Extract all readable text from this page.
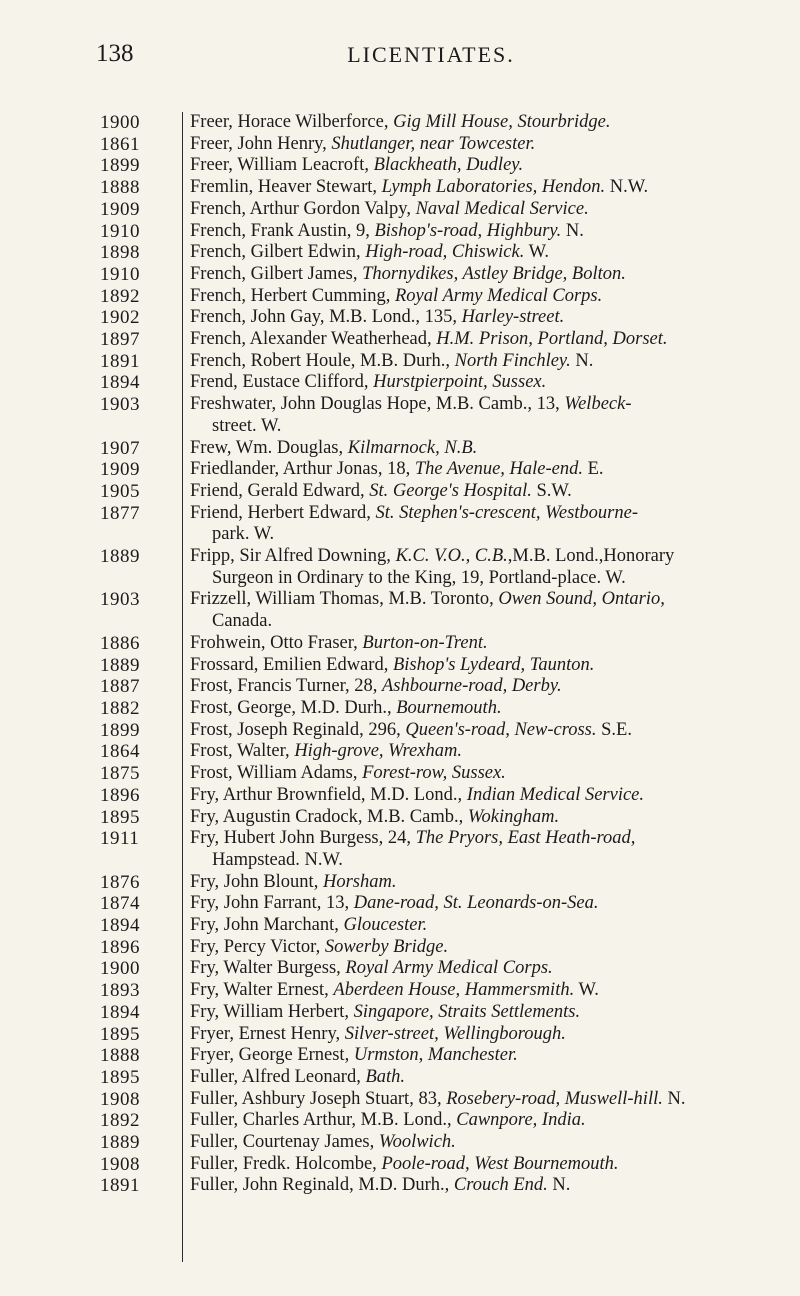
138	LICENTIATES.
1900	Freer, Horace Wilberforce, Gig Mill House, Stourbridge.
1861	Freer, John Henry, Shutlanger, near Towcester.
1899	Freer, William Leacroft, Blackheath, Dudley.
1888	Fremlin, Heaver Stewart, Lymph Laboratories, Hendon. N.W.
1909	French, Arthur Gordon Valpy, Naval Medical Service.
1910	French, Frank Austin, 9, Bishop's-road, Highbury. N.
1898	French, Gilbert Edwin, High-road, Chiswick. W.
1910	French, Gilbert James, Thornydikes, Astley Bridge, Bolton.
1892	French, Herbert Cumming, Royal Army Medical Corps.
1902	French, John Gay, M.B. Lond., 135, Harley-street.
1897	French, Alexander Weatherhead, H.M. Prison, Portland, Dorset.
1891	French, Robert Houle, M.B. Durh., North Finchley. N.
1894	Frend, Eustace Clifford, Hurstpierpoint, Sussex.
1903	Freshwater, John Douglas Hope, M.B. Camb., 13, Welbeck-
street. W.
1907	Frew, Wm. Douglas, Kilmarnock, N.B.
1909	Friedlander, Arthur Jonas, 18, The Avenue, Hale-end. E.
1905	Friend, Gerald Edward, St. George's Hospital. S.W.
1877	Friend, Herbert Edward, St. Stephen's-crescent, Westbourne-
park. W.
1889	Fripp, Sir Alfred Downing, K.C. V.O., C.B.,M.B. Lond.,Honorary
Surgeon in Ordinary to the King, 19, Portland-place. W.
1903	Frizzell, William Thomas, M.B. Toronto, Owen Sound, Ontario,
Canada.
1886	Frohwein, Otto Fraser, Burton-on-Trent.
1889	Frossard, Emilien Edward, Bishop's Lydeard, Taunton.
1887	Frost, Francis Turner, 28, Ashbourne-road, Derby.
1882	Frost, George, M.D. Durh., Bournemouth.
1899	Frost, Joseph Reginald, 296, Queen's-road, New-cross. S.E.
1864	Frost, Walter, High-grove, Wrexham.
1875	Frost, William Adams, Forest-row, Sussex.
1896	Fry, Arthur Brownfield, M.D. Lond., Indian Medical Service.
1895	Fry, Augustin Cradock, M.B. Camb., Wokingham.
1911	Fry, Hubert John Burgess, 24, The Pryors, East Heath-road,
Hampstead. N.W.
1876	Fry, John Blount, Horsham.
1874	Fry, John Farrant, 13, Dane-road, St. Leonards-on-Sea.
1894	Fry, John Marchant, Gloucester.
1896	Fry, Percy Victor, Sowerby Bridge.
1900	Fry, Walter Burgess, Royal Army Medical Corps.
1893	Fry, Walter Ernest, Aberdeen House, Hammersmith. W.
1894	Fry, William Herbert, Singapore, Straits Settlements.
1895	Fryer, Ernest Henry, Silver-street, Wellingborough.
1888	Fryer, George Ernest, Urmston, Manchester.
1895	Fuller, Alfred Leonard, Bath.
1908	Fuller, Ashbury Joseph Stuart, 83, Rosebery-road, Muswell-hill. N.
1892	Fuller, Charles Arthur, M.B. Lond., Cawnpore, India.
1889	Fuller, Courtenay James, Woolwich.
1908	Fuller, Fredk. Holcombe, Poole-road, West Bournemouth.
1891	Fuller, John Reginald, M.D. Durh., Crouch End. N.
